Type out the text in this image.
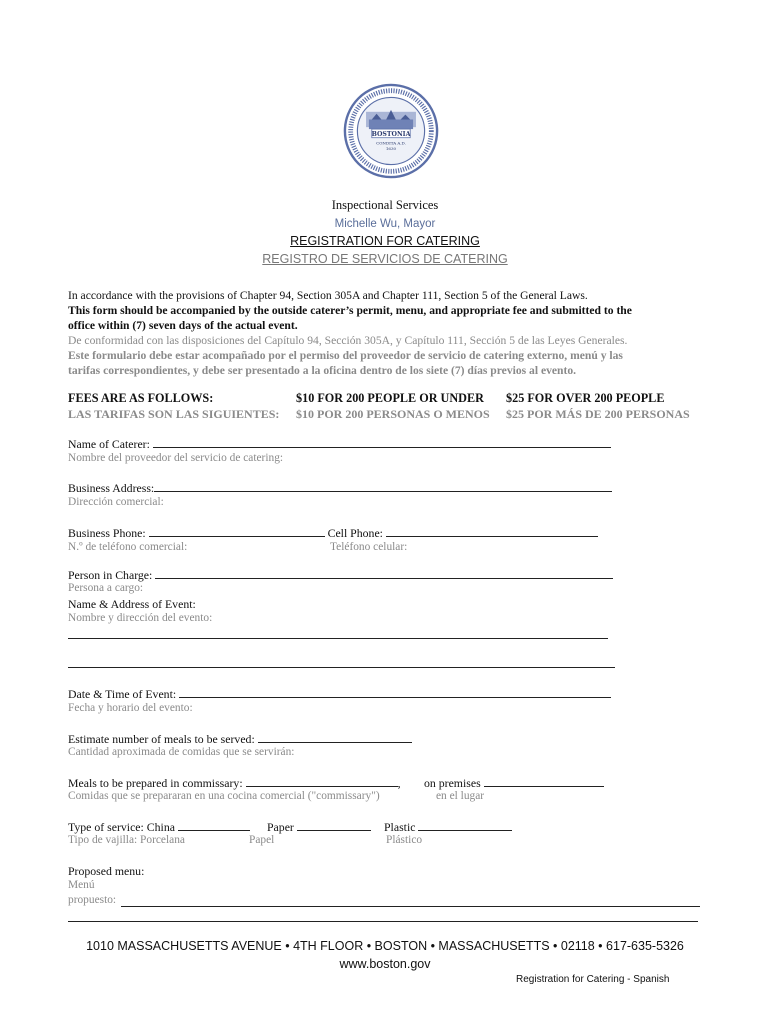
BOSTONIA
CONDITA A.D.
1630
Inspectional Services
Michelle Wu, Mayor
REGISTRATION FOR CATERING
REGISTRO DE SERVICIOS DE CATERING
In accordance with the provisions of Chapter 94, Section 305A and Chapter 111, Section 5 of the General Laws.
This form should be accompanied by the outside caterer’s permit, menu, and appropriate fee and submitted to the
office within (7) seven days of the actual event.
De conformidad con las disposiciones del Capítulo 94, Sección 305A, y Capítulo 111, Sección 5 de las Leyes Generales.
Este formulario debe estar acompañado por el permiso del proveedor de servicio de catering externo, menú y las
tarifas correspondientes, y debe ser presentado a la oficina dentro de los siete (7) días previos al evento.
FEES ARE AS FOLLOWS:	$10 FOR 200 PEOPLE OR UNDER $25 FOR OVER 200 PEOPLE
LAS TARIFAS SON LAS SIGUIENTES: $10 POR 200 PERSONAS O MENOS $25 POR MÁS DE 200 PERSONAS
Name of Caterer:
Nombre del proveedor del servicio de catering:
Business Address:
Dirección comercial:
Business Phone:	Cell Phone:
N.º de teléfono comercial:	Teléfono celular:
Person in Charge:
Persona a cargo:
Name & Address of Event:
Nombre y dirección del evento:
Date & Time of Event:
Fecha y horario del evento:
Estimate number of meals to be served:
Cantidad aproximada de comidas que se servirán:
Meals to be prepared in commissary:	, on premises
Comidas que se prepararan en una cocina comercial ("commissary")	en el lugar
Type of service: China	Paper	Plastic
Tipo de vajilla: Porcelana	Papel	Plástico
Proposed menu:
Menú
propuesto:
1010 MASSACHUSETTS AVENUE • 4TH FLOOR • BOSTON • MASSACHUSETTS • 02118 • 617-635-5326
www.boston.gov
Registration for Catering - Spanish
